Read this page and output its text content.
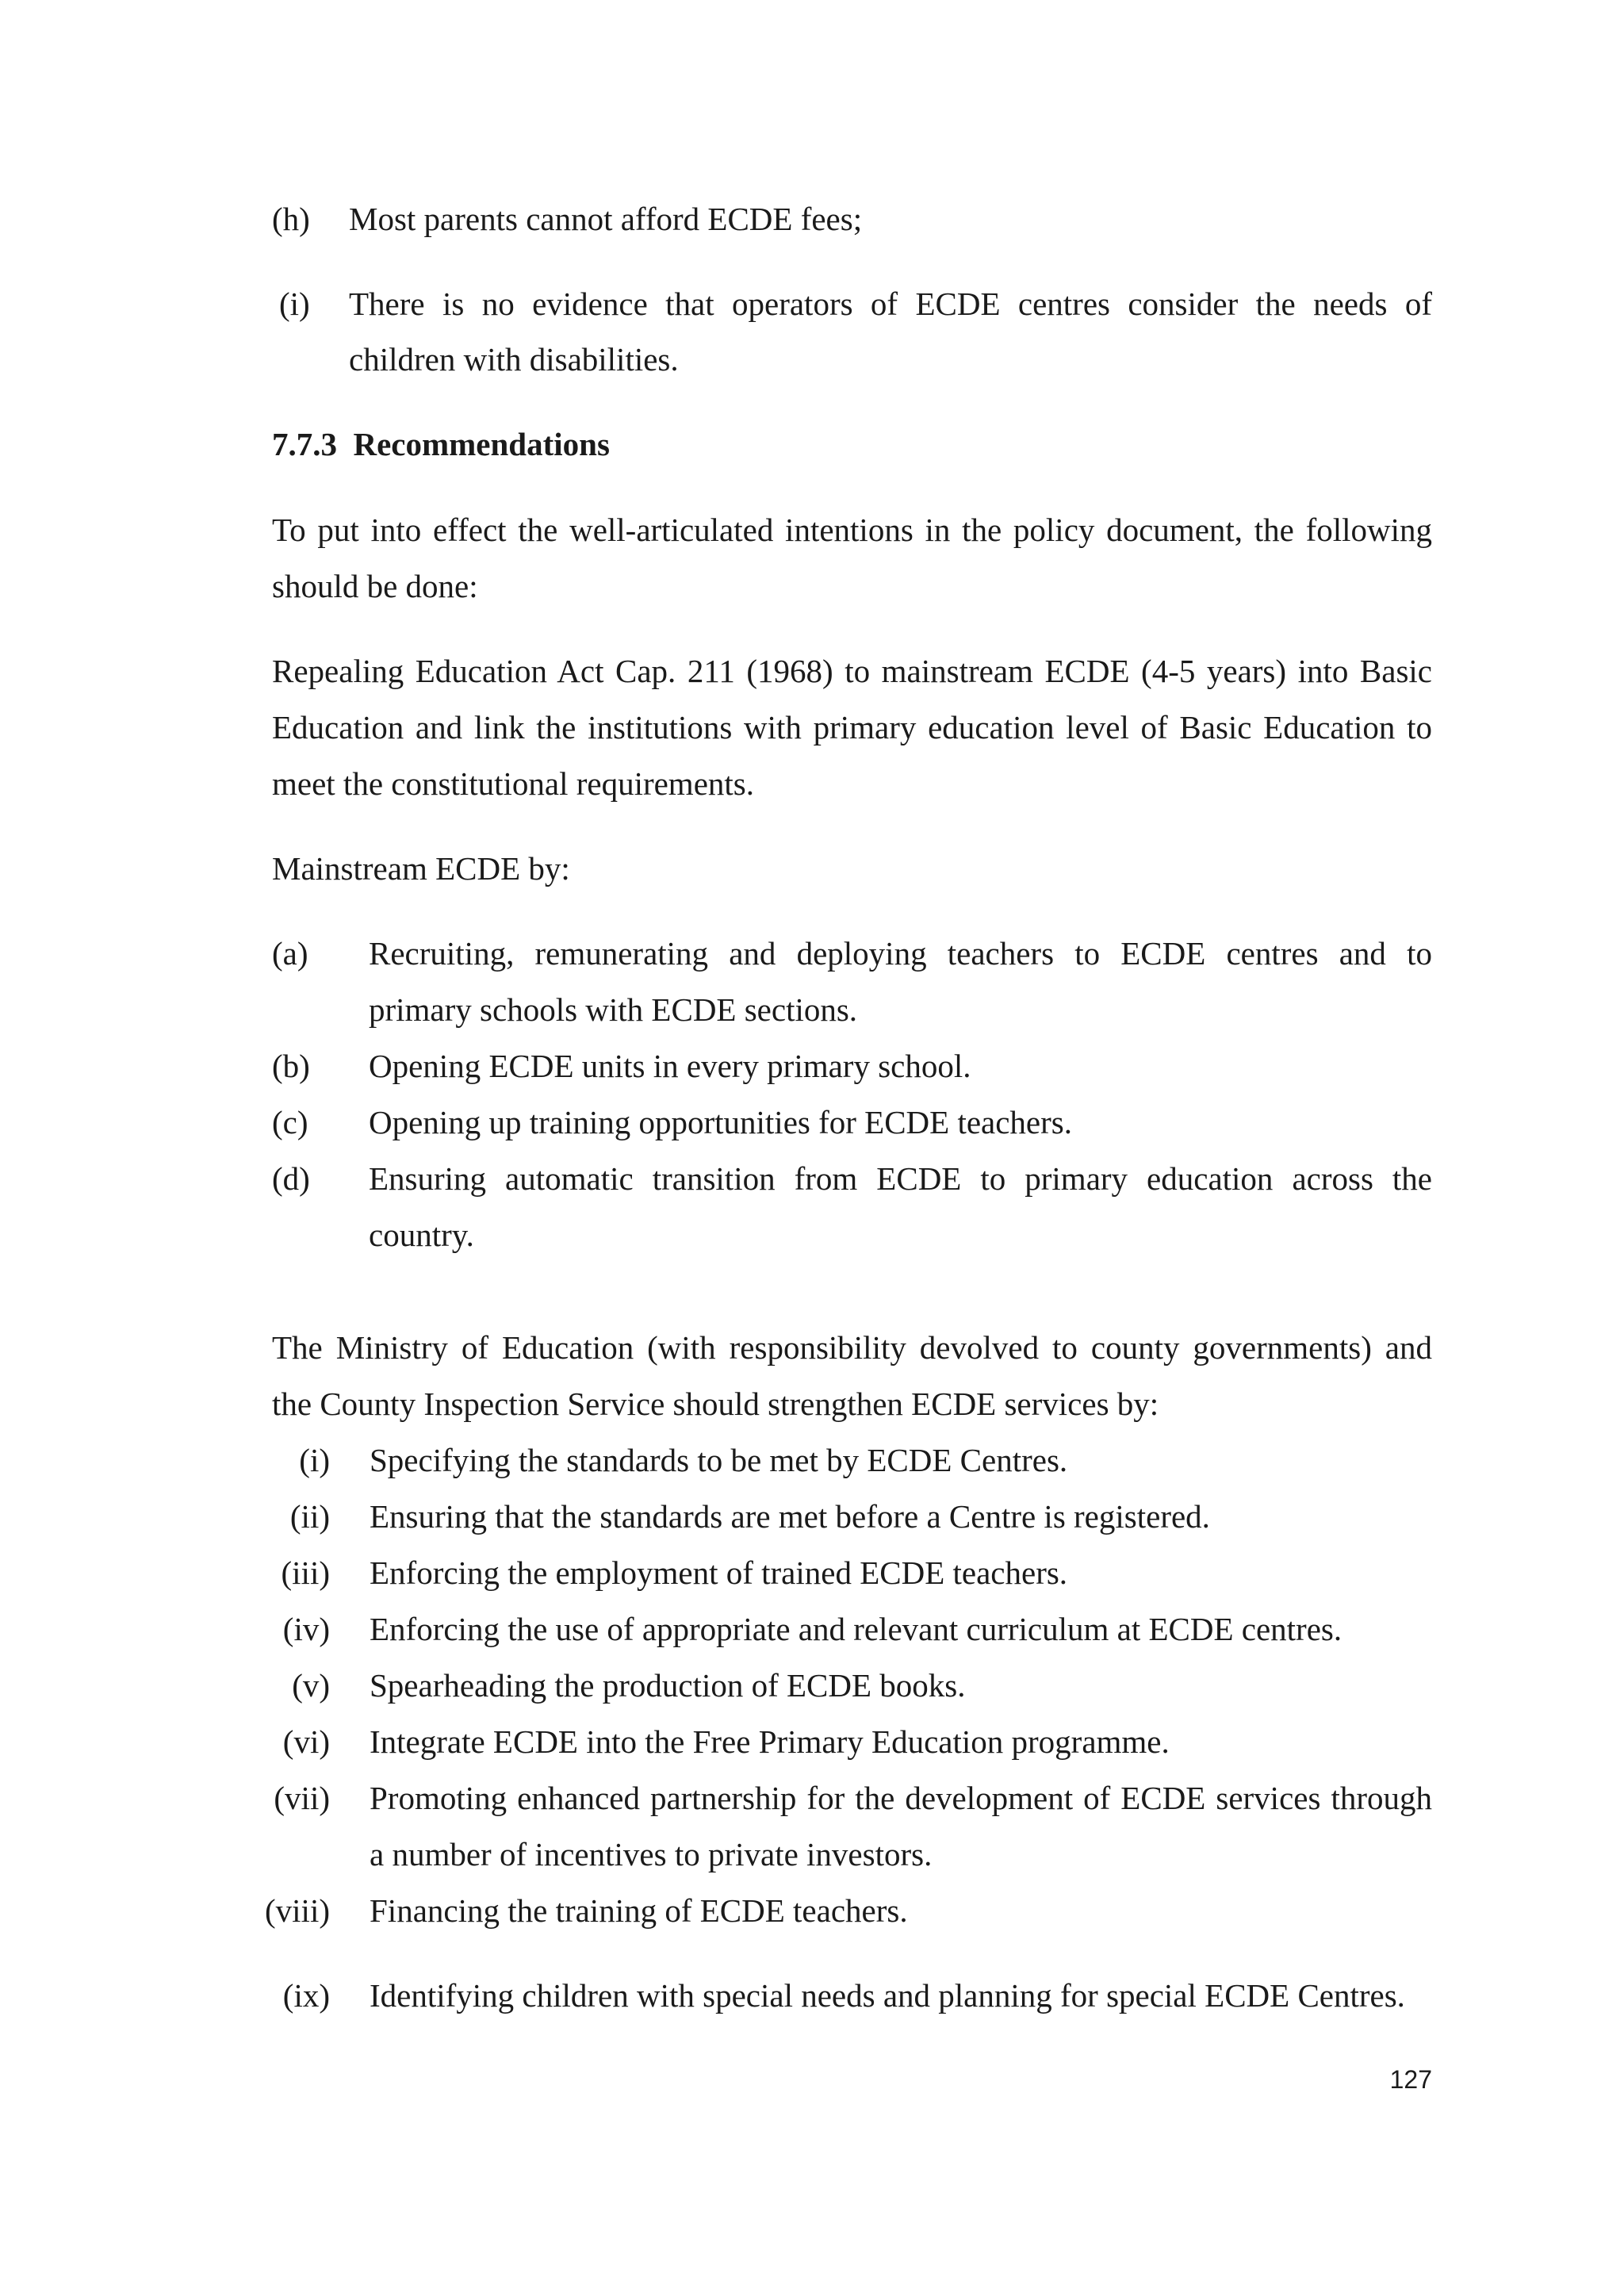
(h) Most parents cannot afford ECDE fees;
(i) There is no evidence that operators of ECDE centres consider the needs of
children with disabilities.
7.7.3  Recommendations
To put into effect the well-articulated intentions in the policy document, the following
should be done:
Repealing Education Act Cap. 211 (1968) to mainstream ECDE (4-5 years) into Basic
Education and link the institutions with primary education level of Basic Education to
meet the constitutional requirements.
Mainstream ECDE by:
(a) Recruiting, remunerating and deploying teachers to ECDE centres and to
primary schools with ECDE sections.
(b) Opening ECDE units in every primary school.
(c) Opening up training opportunities for ECDE teachers.
(d) Ensuring automatic transition from ECDE to primary education across the
country.
The Ministry of Education (with responsibility devolved to county governments) and
the County Inspection Service should strengthen ECDE services by:
(i) Specifying the standards to be met by ECDE Centres.
(ii) Ensuring that the standards are met before a Centre is registered.
(iii) Enforcing the employment of trained ECDE teachers.
(iv) Enforcing the use of appropriate and relevant curriculum at ECDE centres.
(v) Spearheading the production of ECDE books.
(vi) Integrate ECDE into the Free Primary Education programme.
(vii) Promoting enhanced partnership for the development of ECDE services through
a number of incentives to private investors.
(viii) Financing the training of ECDE teachers.
(ix) Identifying children with special needs and planning for special ECDE Centres.
127
